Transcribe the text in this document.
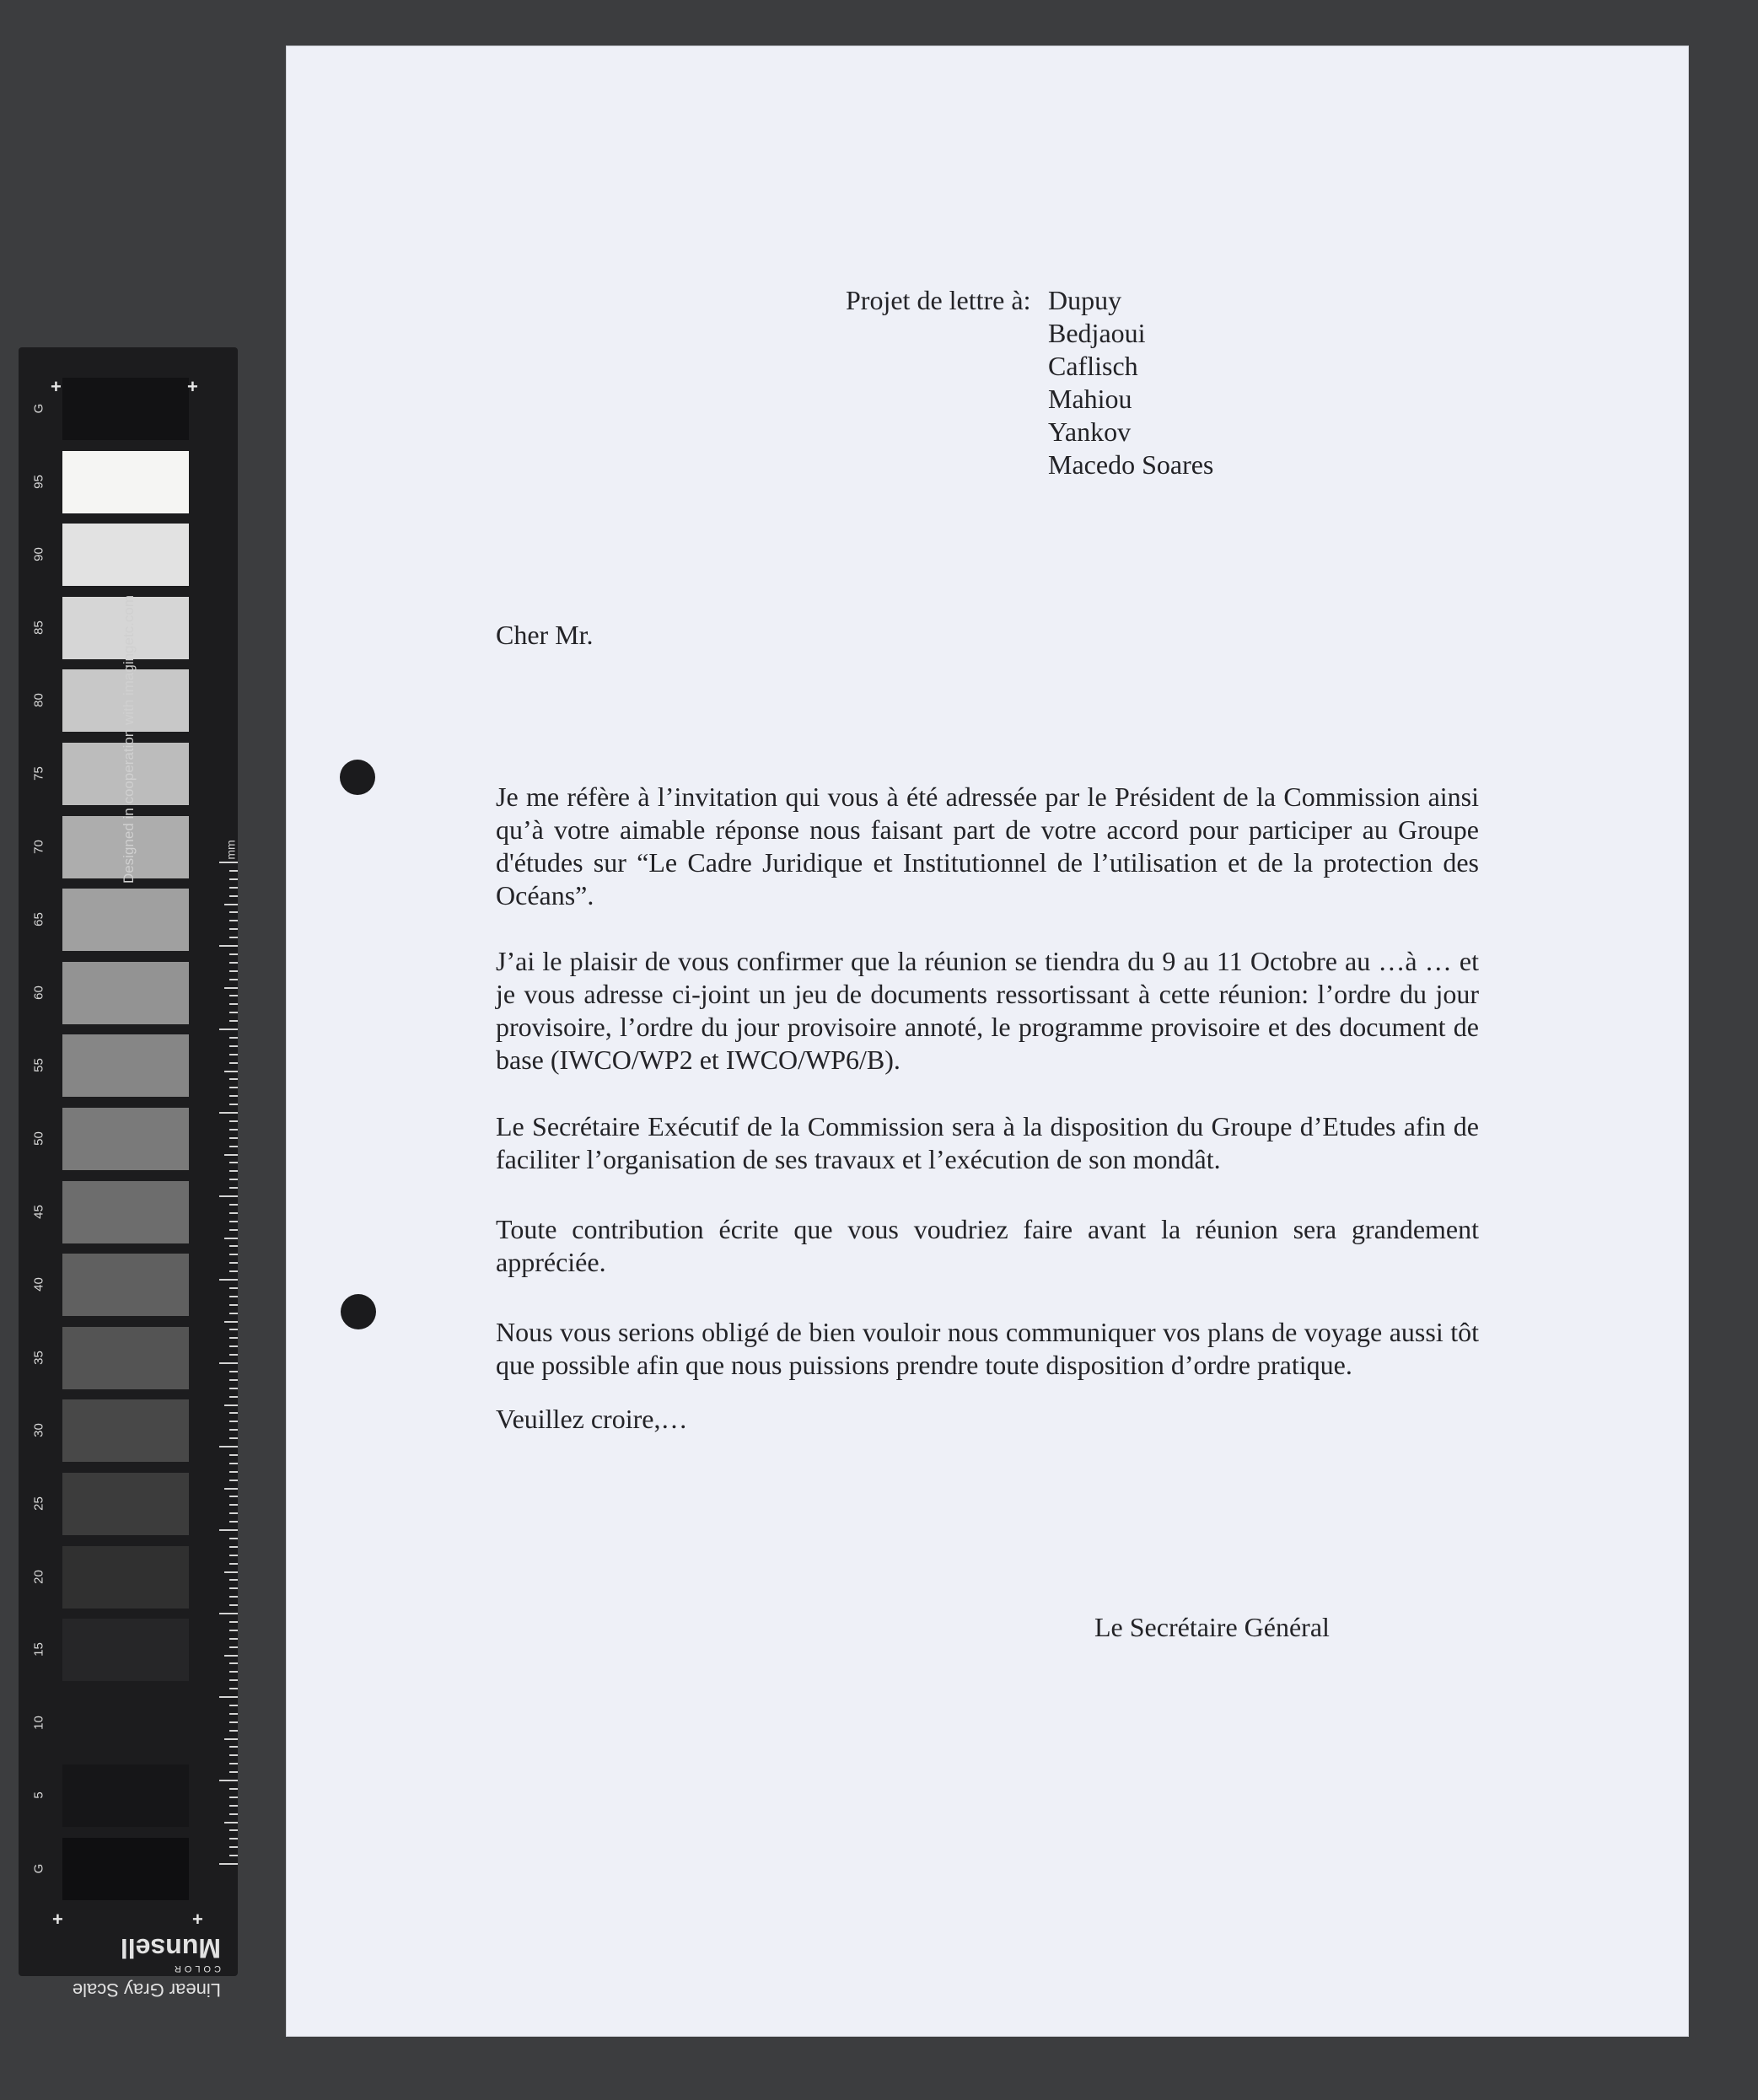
G
95
90
85
80
75
70
65
60
55
50
45
40
35
30
25
20
15
10
5
G
+	+
+	+
Designed in cooperation with imagingetc.com	mm
Linear Gray Scale
COLOR
Munsell

Projet de lettre à: Dupuy
Bedjaoui
Caflisch
Mahiou
Yankov
Macedo Soares

Cher Mr.

Je me réfère à l’invitation qui vous à été adressée par le Président de la Commission ainsi qu’à votre aimable réponse nous faisant part de votre accord pour participer au Groupe d'études sur “Le Cadre Juridique et Institutionnel de l’utilisation et de la protection des Océans”.

J’ai le plaisir de vous confirmer que la réunion se tiendra du 9 au 11 Octobre au …à … et je vous adresse ci-joint un jeu de documents ressortissant à cette réunion: l’ordre du jour provisoire, l’ordre du jour provisoire annoté, le programme provisoire et des document de base (IWCO/WP2 et IWCO/WP6/B).

Le Secrétaire Exécutif de la Commission sera à la disposition du Groupe d’Etudes afin de faciliter l’organisation de ses travaux et l’exécution de son mondât.

Toute contribution écrite que vous voudriez faire avant la réunion sera grandement appréciée.

Nous vous serions obligé de bien vouloir nous communiquer vos plans de voyage aussi tôt que possible afin que nous puissions prendre toute disposition d’ordre pratique.

Veuillez croire,…

Le Secrétaire Général
